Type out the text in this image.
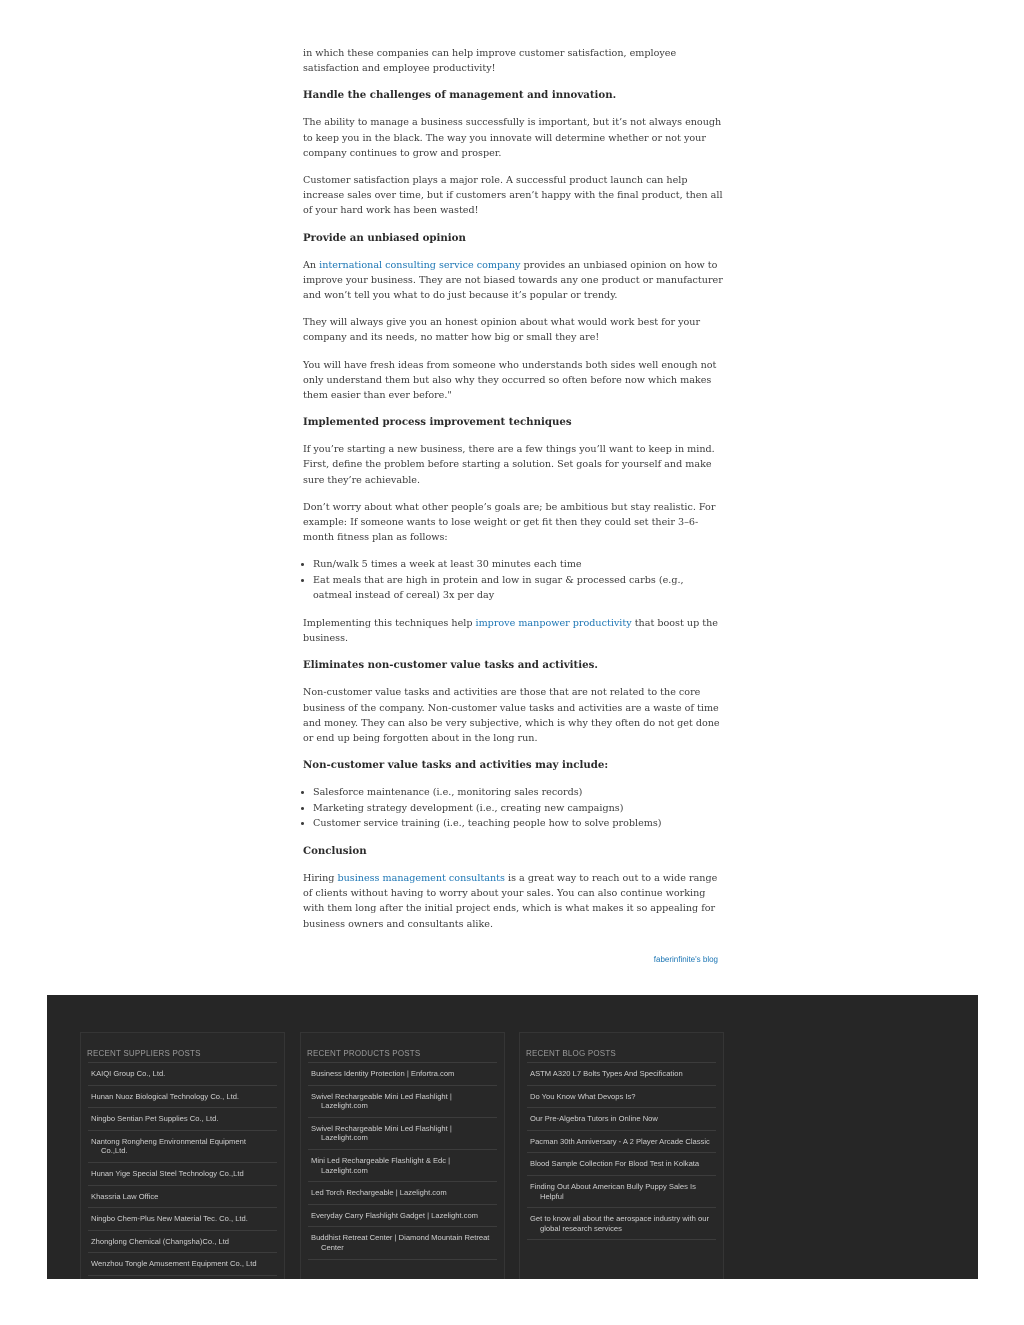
in which these companies can help improve customer satisfaction, employee satisfaction and employee productivity!

Handle the challenges of management and innovation.

The ability to manage a business successfully is important, but it’s not always enough to keep you in the black. The way you innovate will determine whether or not your company continues to grow and prosper.

Customer satisfaction plays a major role. A successful product launch can help increase sales over time, but if customers aren’t happy with the final product, then all of your hard work has been wasted!

Provide an unbiased opinion

An international consulting service company provides an unbiased opinion on how to improve your business. They are not biased towards any one product or manufacturer and won’t tell you what to do just because it’s popular or trendy.

They will always give you an honest opinion about what would work best for your company and its needs, no matter how big or small they are!

You will have fresh ideas from someone who understands both sides well enough not only understand them but also why they occurred so often before now which makes them easier than ever before."

Implemented process improvement techniques

If you’re starting a new business, there are a few things you’ll want to keep in mind. First, define the problem before starting a solution. Set goals for yourself and make sure they’re achievable.

Don’t worry about what other people’s goals are; be ambitious but stay realistic. For example: If someone wants to lose weight or get fit then they could set their 3–6-month fitness plan as follows:

• Run/walk 5 times a week at least 30 minutes each time
• Eat meals that are high in protein and low in sugar & processed carbs (e.g., oatmeal instead of cereal) 3x per day

Implementing this techniques help improve manpower productivity that boost up the business.

Eliminates non-customer value tasks and activities.

Non-customer value tasks and activities are those that are not related to the core business of the company. Non-customer value tasks and activities are a waste of time and money. They can also be very subjective, which is why they often do not get done or end up being forgotten about in the long run.

Non-customer value tasks and activities may include:
• Salesforce maintenance (i.e., monitoring sales records)
• Marketing strategy development (i.e., creating new campaigns)
• Customer service training (i.e., teaching people how to solve problems)
Conclusion

Hiring business management consultants is a great way to reach out to a wide range of clients without having to worry about your sales. You can also continue working with them long after the initial project ends, which is what makes it so appealing for business owners and consultants alike.

faberinfinite's blog
RECENT SUPPLIERS POSTS
KAIQI Group Co., Ltd.
Hunan Nuoz Biological Technology Co., Ltd.
Ningbo Sentian Pet Supplies Co., Ltd.
Nantong Rongheng Environmental Equipment Co.,Ltd.
Hunan Yige Special Steel Technology Co.,Ltd
Khassria Law Office
Ningbo Chem-Plus New Material Tec. Co., Ltd.
Zhonglong Chemical (Changsha)Co., Ltd
Wenzhou Tongle Amusement Equipment Co., Ltd
RECENT PRODUCTS POSTS
Business Identity Protection | Enfortra.com
Swivel Rechargeable Mini Led Flashlight | Lazelight.com
Swivel Rechargeable Mini Led Flashlight | Lazelight.com
Mini Led Rechargeable Flashlight & Edc | Lazelight.com
Led Torch Rechargeable | Lazelight.com
Everyday Carry Flashlight Gadget | Lazelight.com
Buddhist Retreat Center | Diamond Mountain Retreat Center
RECENT BLOG POSTS
ASTM A320 L7 Bolts Types And Specification
Do You Know What Devops Is?
Our Pre-Algebra Tutors in Online Now
Pacman 30th Anniversary - A 2 Player Arcade Classic
Blood Sample Collection For Blood Test in Kolkata
Finding Out About American Bully Puppy Sales Is Helpful
Get to know all about the aerospace industry with our global research services
